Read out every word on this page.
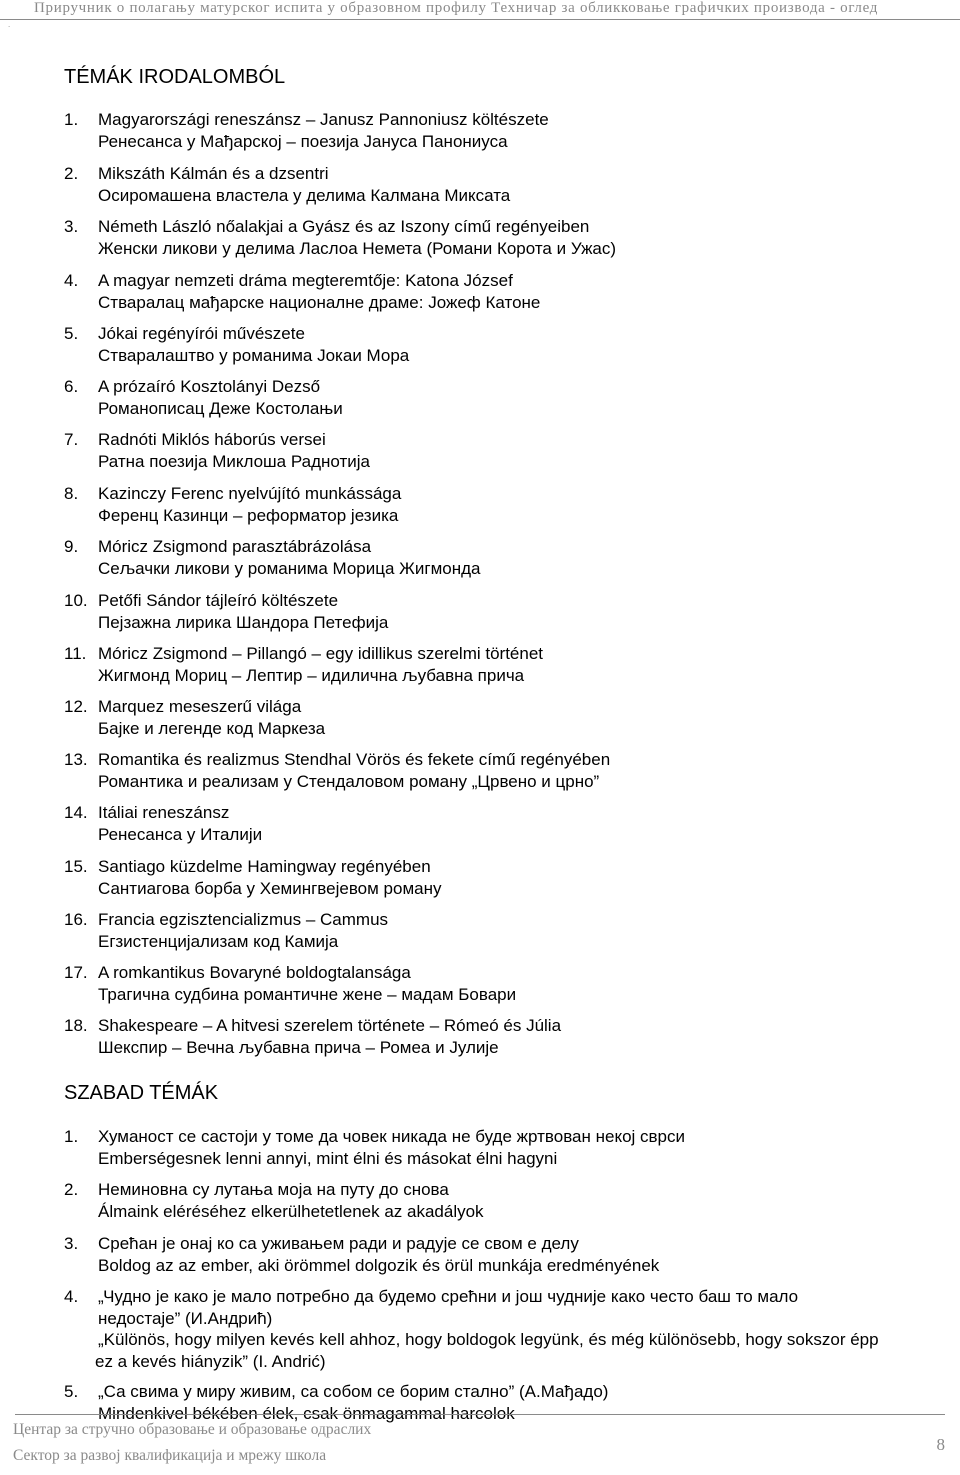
Приручник о полагању матурског испита у образовном профилу Техничар за обликковање графичких производа - оглед
.
TÉMÁK IRODALOMBÓL
1.	Magyarországi reneszánsz – Janusz Pannoniusz költészete
Ренесанса у Мађарској – поезија Јануса Панониуса
2.	Mikszáth Kálmán és a dzsentri
Осиромашена властела у делима Калмана Миксата
3.	Németh László nőalakjai a Gyász és az Iszony című regényeiben
Женски ликови у делима Ласлоа Немета (Романи Корота и Ужас)
4.	A magyar nemzeti dráma megteremtője: Katona József
Стваралац мађарске националне драме: Јожеф Катоне
5.	Jókai regényírói művészete
Стваралаштво у романима Јокаи Мора
6.	A prózaíró Kosztolányi Dezső
Романописац Деже Костолањи
7.	Radnóti Miklós háborús versei
Ратна поезија Миклоша Раднотија
8.	Kazinczy Ferenc nyelvújító munkássága
Ференц Казинци – реформатор језика
9.	Móricz Zsigmond parasztábrázolása
Сељачки ликови у романима Морица Жигмонда
10. Petőfi Sándor tájleíró költészete
Пејзажна лирика Шандора Петефија
11. Móricz Zsigmond – Pillangó – egy idillikus szerelmi történet
Жигмонд Мориц – Лептир – идилична љубавна прича
12. Marquez meseszerű világa
Бајке и легенде код Маркеза
13. Romantika és realizmus Stendhal Vörös és fekete című regényében
Романтика и реализам у Стендаловом роману „Црвено и црно”
14. Itáliai reneszánsz
Ренесанса у Италији
15. Santiago küzdelme Hamingway regényében
Сантиагова борба у Хемингвејевом роману
16. Francia egzisztencializmus – Cammus
Егзистенцијализам код Камија
17. A romkantikus Bovaryné boldogtalansága
Трагична судбина романтичне жене – мадам Бовари
18. Shakespeare – A hitvesi szerelem története – Rómeó és Júlia
Шекспир – Вечна љубавна прича – Ромеа и Јулије
SZABAD TÉMÁK
1.	Хуманост се састоји у томе да човек никада не буде жртвован некој сврси
Emberségesnek lenni annyi, mint élni és másokat élni hagyni
2.	Неминовна су лутања моја на путу до снова
Álmaink eléréséhez elkerülhetetlenek az akadályok
3.	Срећан је онај ко са уживањем ради и радује се свом е делу
Boldog az az ember, aki örömmel dolgozik és örül munkája eredményének
4.	„Чудно је како је мало потребно да будемо срећни и још чудније како често баш то мало
недостаје” (И.Андрић)
„Különös, hogy milyen kevés kell ahhoz, hogy boldogok legyünk, és még különösebb, hogy sokszor épp
ez a kevés hiányzik” (I. Andrić)
5.	„Са свима у миру живим, са собом се борим стално” (А.Мађадо)
Mindenkivel békében élek, csak önmagammal harcolok
Центар за стручно образовање и образовање одраслих
Сектор за развој квалификација и мрежу школа
8
